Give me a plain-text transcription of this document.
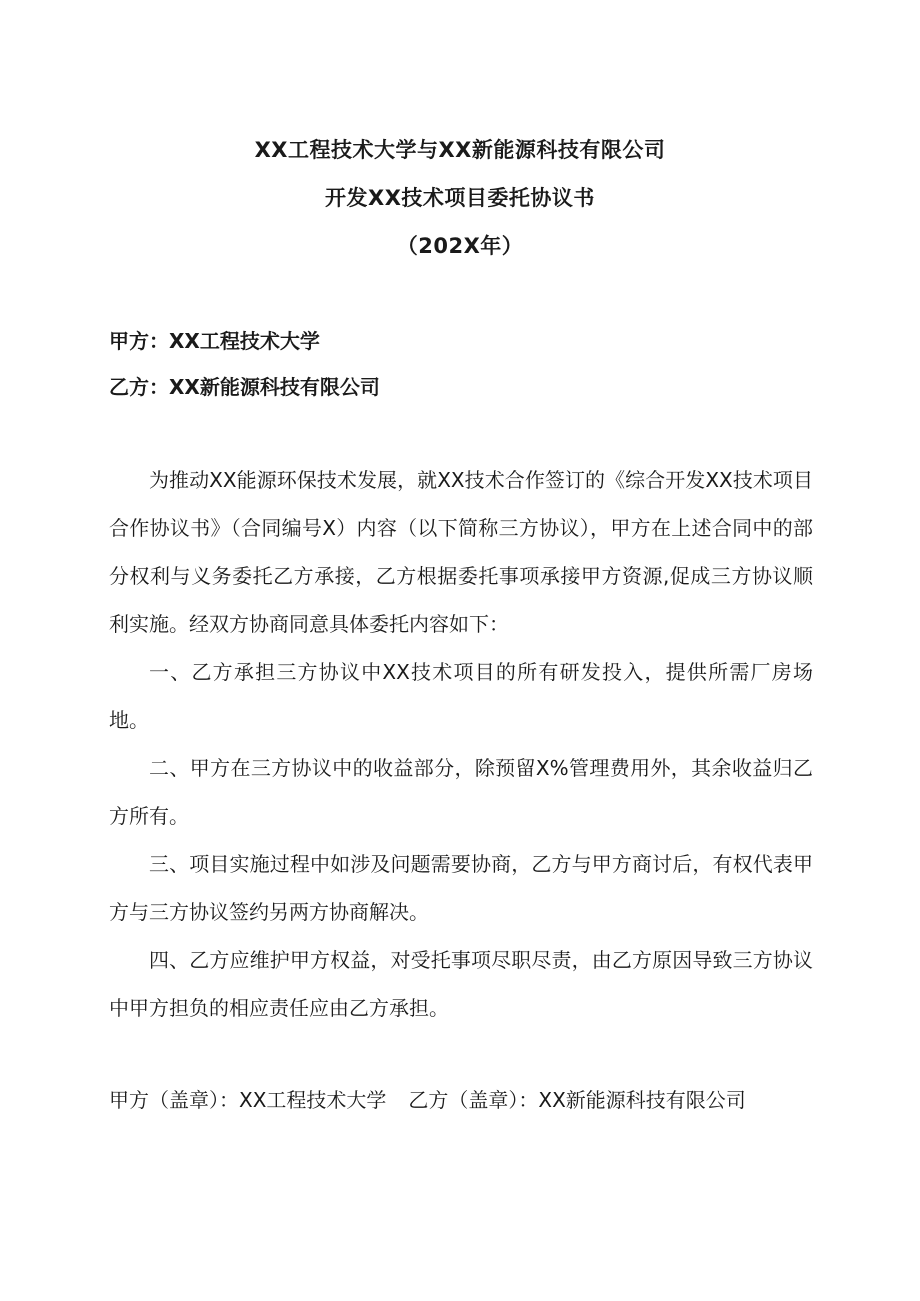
XX工程技术大学与XX新能源科技有限公司
开发XX技术项目委托协议书
（202X年）
甲方：XX工程技术大学
乙方：XX新能源科技有限公司

为推动XX能源环保技术发展，就XX技术合作签订的《综合开发XX技术项目合作协议书》（合同编号X）内容（以下简称三方协议），甲方在上述合同中的部分权利与义务委托乙方承接，乙方根据委托事项承接甲方资源,促成三方协议顺利实施。经双方协商同意具体委托内容如下：

一、乙方承担三方协议中XX技术项目的所有研发投入，提供所需厂房场地。

二、甲方在三方协议中的收益部分，除预留X%管理费用外，其余收益归乙方所有。

三、项目实施过程中如涉及问题需要协商，乙方与甲方商讨后，有权代表甲方与三方协议签约另两方协商解决。

四、乙方应维护甲方权益，对受托事项尽职尽责，由乙方原因导致三方协议中甲方担负的相应责任应由乙方承担。

甲方（盖章）：XX工程技术大学 乙方（盖章）：XX新能源科技有限公司
